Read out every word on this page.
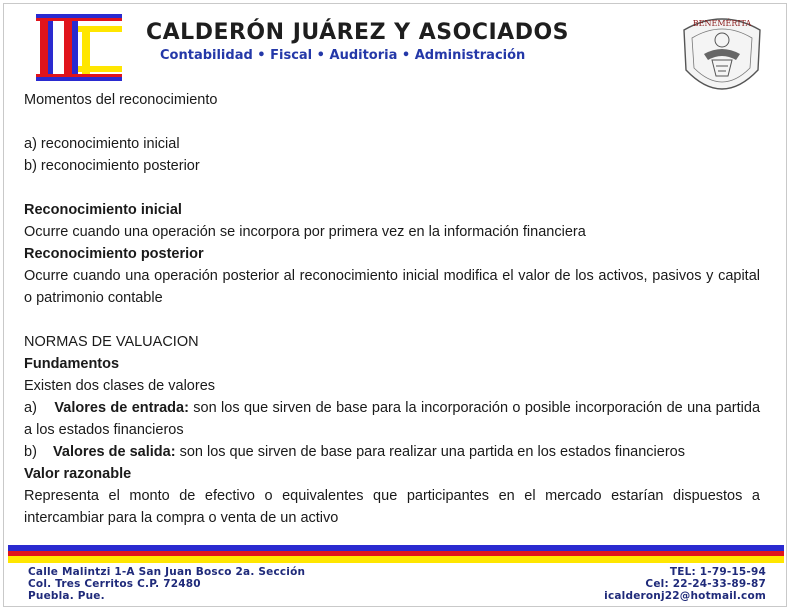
CALDERÓN JUÁREZ Y ASOCIADOS
Contabilidad • Fiscal • Auditoria • Administración
BENEMÉRITA

Momentos del reconocimiento

a) reconocimiento inicial

b) reconocimiento posterior

Reconocimiento inicial

Ocurre cuando una operación se incorpora por primera vez en la información financiera

Reconocimiento posterior

Ocurre cuando una operación posterior al reconocimiento inicial modifica el valor de los activos, pasivos y capital o patrimonio contable

NORMAS DE VALUACION

Fundamentos

Existen dos clases de valores

a) Valores de entrada: son los que sirven de base para la incorporación o posible incorporación de una partida a los estados financieros

b) Valores de salida: son los que sirven de base para realizar una partida en los estados financieros

Valor razonable

Representa el monto de efectivo o equivalentes que participantes en el mercado estarían dispuestos a intercambiar para la compra o venta de un activo

Calle Malintzi 1-A San Juan Bosco 2a. Sección
Col. Tres Cerritos C.P. 72480
Puebla. Pue.
TEL: 1-79-15-94
Cel: 22-24-33-89-87
icalderonj22@hotmail.com
